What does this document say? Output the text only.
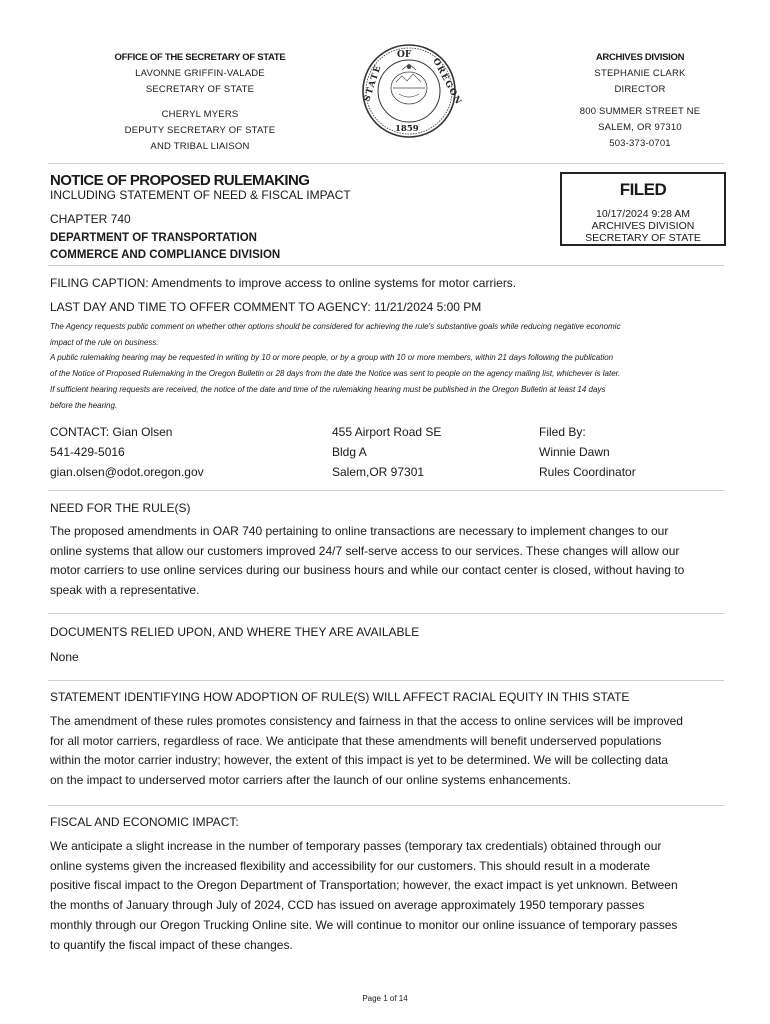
OFFICE OF THE SECRETARY OF STATE
LAVONNE GRIFFIN-VALADE
SECRETARY OF STATE
CHERYL MYERS
DEPUTY SECRETARY OF STATE
AND TRIBAL LIAISON
OF
STATE	OREGON
1859
ARCHIVES DIVISION
STEPHANIE CLARK
DIRECTOR
800 SUMMER STREET NE
SALEM, OR 97310
503-373-0701
NOTICE OF PROPOSED RULEMAKING
INCLUDING STATEMENT OF NEED & FISCAL IMPACT
CHAPTER 740
DEPARTMENT OF TRANSPORTATION
COMMERCE AND COMPLIANCE DIVISION
FILED
10/17/2024 9:28 AM
ARCHIVES DIVISION
SECRETARY OF STATE
FILING CAPTION: Amendments to improve access to online systems for motor carriers.
LAST DAY AND TIME TO OFFER COMMENT TO AGENCY: 11/21/2024 5:00 PM
The Agency requests public comment on whether other options should be considered for achieving the rule's substantive goals while reducing negative economic
impact of the rule on business.
A public rulemaking hearing may be requested in writing by 10 or more people, or by a group with 10 or more members, within 21 days following the publication
of the Notice of Proposed Rulemaking in the Oregon Bulletin or 28 days from the date the Notice was sent to people on the agency mailing list, whichever is later.
If sufficient hearing requests are received, the notice of the date and time of the rulemaking hearing must be published in the Oregon Bulletin at least 14 days
before the hearing.
CONTACT: Gian Olsen
541-429-5016
gian.olsen@odot.oregon.gov
455 Airport Road SE
Bldg A
Salem,OR 97301
Filed By:
Winnie Dawn
Rules Coordinator
NEED FOR THE RULE(S)
The proposed amendments in OAR 740 pertaining to online transactions are necessary to implement changes to our
online systems that allow our customers improved 24/7 self-serve access to our services. These changes will allow our
motor carriers to use online services during our business hours and while our contact center is closed, without having to
speak with a representative.
DOCUMENTS RELIED UPON, AND WHERE THEY ARE AVAILABLE
None
STATEMENT IDENTIFYING HOW ADOPTION OF RULE(S) WILL AFFECT RACIAL EQUITY IN THIS STATE
The amendment of these rules promotes consistency and fairness in that the access to online services will be improved
for all motor carriers, regardless of race. We anticipate that these amendments will benefit underserved populations
within the motor carrier industry; however, the extent of this impact is yet to be determined. We will be collecting data
on the impact to underserved motor carriers after the launch of our online systems enhancements.
FISCAL AND ECONOMIC IMPACT:
We anticipate a slight increase in the number of temporary passes (temporary tax credentials) obtained through our
online systems given the increased flexibility and accessibility for our customers. This should result in a moderate
positive fiscal impact to the Oregon Department of Transportation; however, the exact impact is yet unknown. Between
the months of January through July of 2024, CCD has issued on average approximately 1950 temporary passes
monthly through our Oregon Trucking Online site. We will continue to monitor our online issuance of temporary passes
to quantify the fiscal impact of these changes.
Page 1 of 14
